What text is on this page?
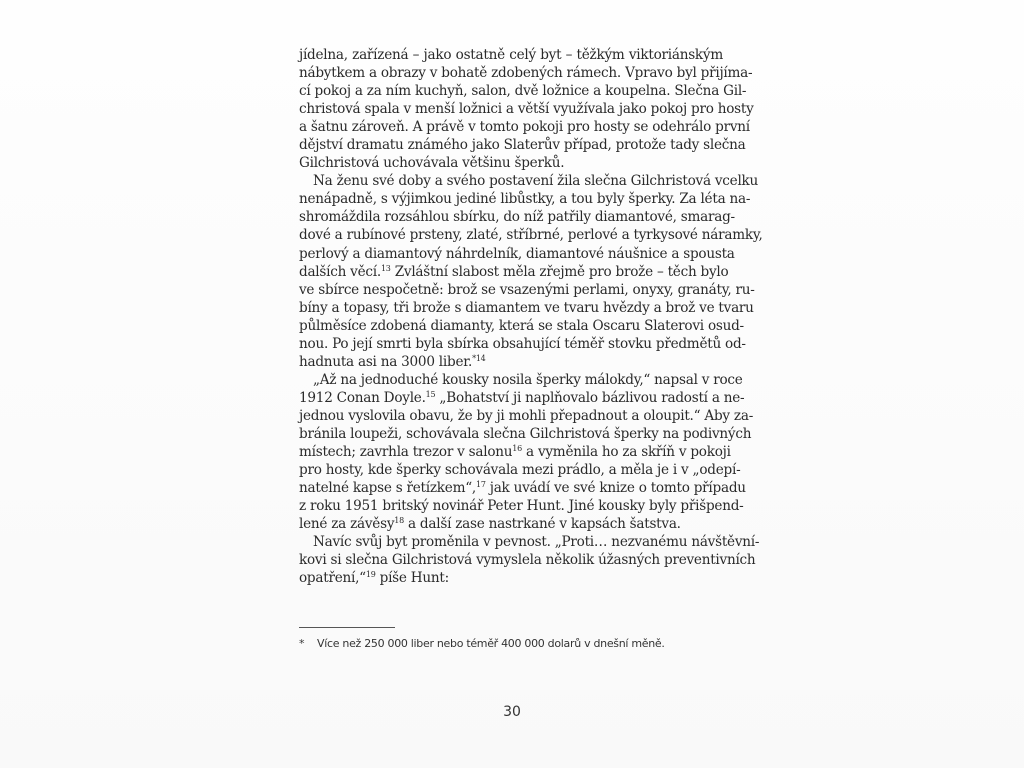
jídelna, zařízená – jako ostatně celý byt – těžkým viktoriánským
nábytkem a obrazy v bohatě zdobených rámech. Vpravo byl přijíma-
cí pokoj a za ním kuchyň, salon, dvě ložnice a koupelna. Slečna Gil-
christová spala v menší ložnici a větší využívala jako pokoj pro hosty
a šatnu zároveň. A právě v tomto pokoji pro hosty se odehrálo první
dějství dramatu známého jako Slaterův případ, protože tady slečna
Gilchristová uchovávala většinu šperků.
Na ženu své doby a svého postavení žila slečna Gilchristová vcelku
nenápadně, s výjimkou jediné libůstky, a tou byly šperky. Za léta na-
shromáždila rozsáhlou sbírku, do níž patřily diamantové, smarag-
dové a rubínové prsteny, zlaté, stříbrné, perlové a tyrkysové náramky,
perlový a diamantový náhrdelník, diamantové náušnice a spousta
dalších věcí.$^{13}$ Zvláštní slabost měla zřejmě pro brože – těch bylo
ve sbírce nespočetně: brož se vsazenými perlami, onyxy, granáty, ru-
bíny a topasy, tři brože s diamantem ve tvaru hvězdy a brož ve tvaru
půlměsíce zdobená diamanty, která se stala Oscaru Slaterovi osud-
nou. Po její smrti byla sbírka obsahující téměř stovku předmětů od-
hadnuta asi na 3000 liber.$^{*14}$
„Až na jednoduché kousky nosila šperky málokdy,“ napsal v roce
1912 Conan Doyle.$^{15}$ „Bohatství ji naplňovalo bázlivou radostí a ne-
jednou vyslovila obavu, že by ji mohli přepadnout a oloupit.“ Aby za-
bránila loupeži, schovávala slečna Gilchristová šperky na podivných
místech; zavrhla trezor v salonu$^{16}$ a vyměnila ho za skříň v pokoji
pro hosty, kde šperky schovávala mezi prádlo, a měla je i v „odepí-
natelné kapse s řetízkem“,$^{17}$ jak uvádí ve své knize o tomto případu
z roku 1951 britský novinář Peter Hunt. Jiné kousky byly přišpend-
lené za závěsy$^{18}$ a další zase nastrkané v kapsách šatstva.
Navíc svůj byt proměnila v pevnost. „Proti… nezvanému návštěvní-
kovi si slečna Gilchristová vymyslela několik úžasných preventivních
opatření,“$^{19}$ píše Hunt:
* Více než 250 000 liber nebo téměř 400 000 dolarů v dnešní měně.
30
